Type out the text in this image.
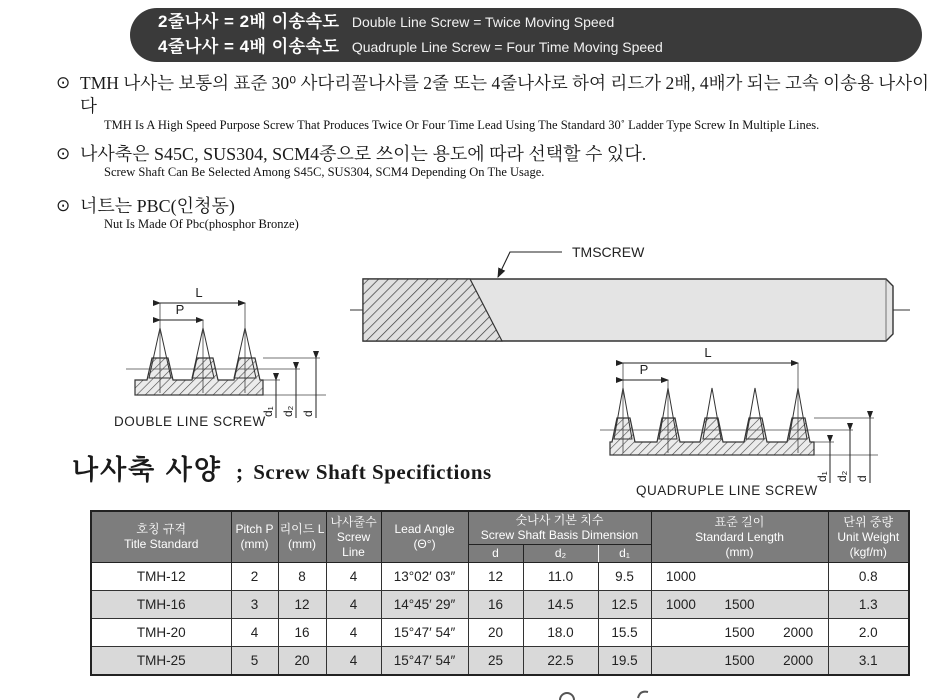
2줄나사 = 2배 이송속도 Double Line Screw = Twice Moving Speed
4줄나사 = 4배 이송속도 Quadruple Line Screw = Four Time Moving Speed
⊙ TMH 나사는 보통의 표준 30⁰ 사다리꼴나사를 2줄 또는 4줄나사로 하여 리드가 2배, 4배가 되는 고속 이송용 나사이다
TMH Is A High Speed Purpose Screw That Produces Twice Or Four Time Lead Using The Standard 30˚ Ladder Type Screw In Multiple Lines.
⊙ 나사축은 S45C, SUS304, SCM4종으로 쓰이는 용도에 따라 선택할 수 있다.
Screw Shaft Can Be Selected Among S45C, SUS304, SCM4 Depending On The Usage.
⊙ 너트는 PBC(인청동)
Nut Is Made Of Pbc(phosphor Bronze)
TMSCREW
L
P
d₁ d₂ d
DOUBLE LINE SCREW
L
P
d₁ d₂ d
QUADRUPLE LINE SCREW
나사축 사양 ; Screw Shaft Specifictions
호칭 규격
Title Standard

Pitch P
(mm)

리이드 L
(mm)

나사줄수
Screw
Line

Lead Angle
(Θ°)

숫나사 기본 치수
Screw Shaft Basis Dimension

표준 길이
Standard Length
(mm)

단위 중량
Unit Weight
(kgf/m)

					d	d₂	d₁		
TMH-12	2	8	4	13°02′ 03″	12	11.0	9.5	1000	0.8
TMH-16	3	12	4	14°45′ 29″	16	14.5	12.5	1000 1500	1.3
TMH-20	4	16	4	15°47′ 54″	20	18.0	15.5	1500 2000	2.0
TMH-25	5	20	4	15°47′ 54″	25	22.5	19.5	1500 2000	3.1
